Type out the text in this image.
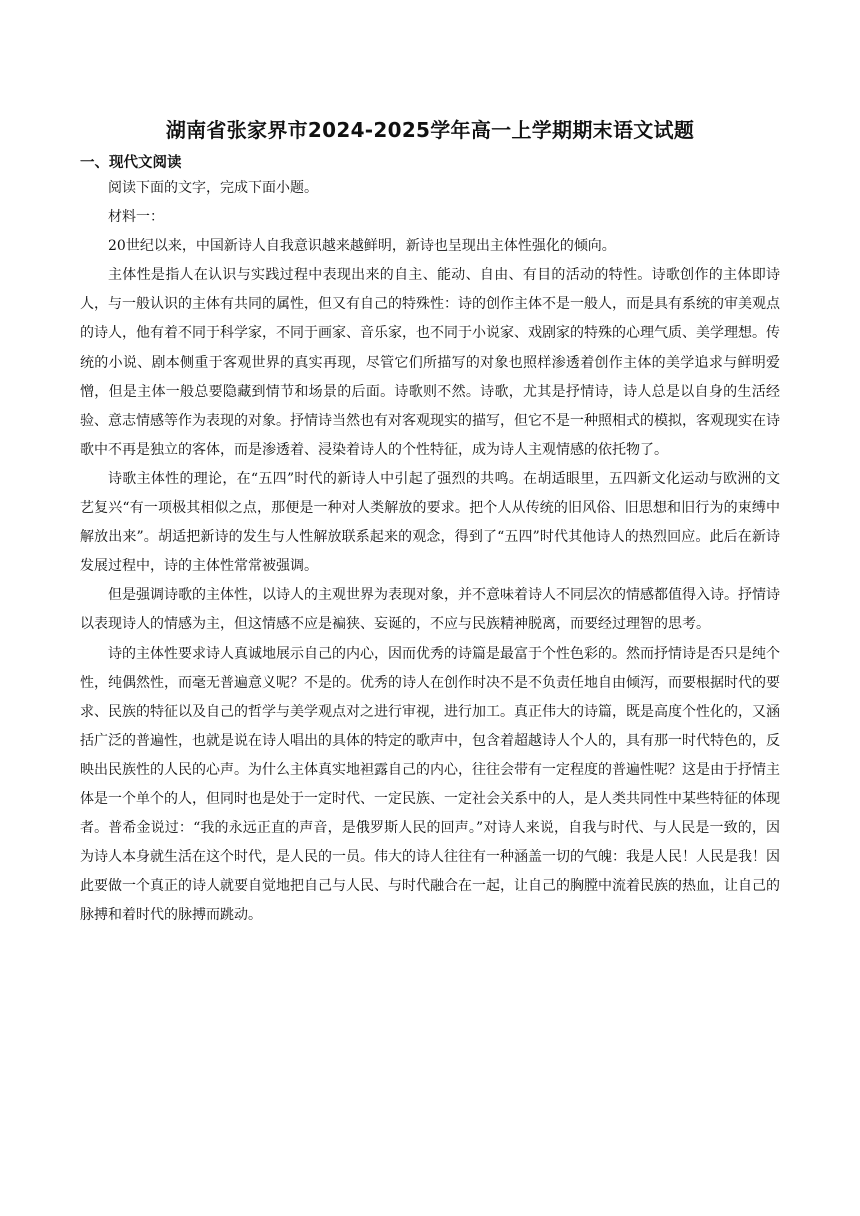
湖南省张家界市2024-2025学年高一上学期期末语文试题
一、现代文阅读

阅读下面的文字，完成下面小题。

材料一：

20世纪以来，中国新诗人自我意识越来越鲜明，新诗也呈现出主体性强化的倾向。

主体性是指人在认识与实践过程中表现出来的自主、能动、自由、有目的活动的特性。诗歌创作的主体即诗人，与一般认识的主体有共同的属性，但又有自己的特殊性：诗的创作主体不是一般人，而是具有系统的审美观点的诗人，他有着不同于科学家，不同于画家、音乐家，也不同于小说家、戏剧家的特殊的心理气质、美学理想。传统的小说、剧本侧重于客观世界的真实再现，尽管它们所描写的对象也照样渗透着创作主体的美学追求与鲜明爱憎，但是主体一般总要隐藏到情节和场景的后面。诗歌则不然。诗歌，尤其是抒情诗，诗人总是以自身的生活经验、意志情感等作为表现的对象。抒情诗当然也有对客观现实的描写，但它不是一种照相式的模拟，客观现实在诗歌中不再是独立的客体，而是渗透着、浸染着诗人的个性特征，成为诗人主观情感的依托物了。

诗歌主体性的理论，在“五四”时代的新诗人中引起了强烈的共鸣。在胡适眼里，五四新文化运动与欧洲的文艺复兴“有一项极其相似之点，那便是一种对人类解放的要求。把个人从传统的旧风俗、旧思想和旧行为的束缚中解放出来”。胡适把新诗的发生与人性解放联系起来的观念，得到了“五四”时代其他诗人的热烈回应。此后在新诗发展过程中，诗的主体性常常被强调。

但是强调诗歌的主体性，以诗人的主观世界为表现对象，并不意味着诗人不同层次的情感都值得入诗。抒情诗以表现诗人的情感为主，但这情感不应是褊狭、妄诞的，不应与民族精神脱离，而要经过理智的思考。

诗的主体性要求诗人真诚地展示自己的内心，因而优秀的诗篇是最富于个性色彩的。然而抒情诗是否只是纯个性，纯偶然性，而毫无普遍意义呢？不是的。优秀的诗人在创作时决不是不负责任地自由倾泻，而要根据时代的要求、民族的特征以及自己的哲学与美学观点对之进行审视，进行加工。真正伟大的诗篇，既是高度个性化的，又涵括广泛的普遍性，也就是说在诗人唱出的具体的特定的歌声中，包含着超越诗人个人的，具有那一时代特色的，反映出民族性的人民的心声。为什么主体真实地袒露自己的内心，往往会带有一定程度的普遍性呢？这是由于抒情主体是一个单个的人，但同时也是处于一定时代、一定民族、一定社会关系中的人，是人类共同性中某些特征的体现者。普希金说过：“我的永远正直的声音，是俄罗斯人民的回声。”对诗人来说，自我与时代、与人民是一致的，因为诗人本身就生活在这个时代，是人民的一员。伟大的诗人往往有一种涵盖一切的气魄：我是人民！人民是我！因此要做一个真正的诗人就要自觉地把自己与人民、与时代融合在一起，让自己的胸膛中流着民族的热血，让自己的脉搏和着时代的脉搏而跳动。
